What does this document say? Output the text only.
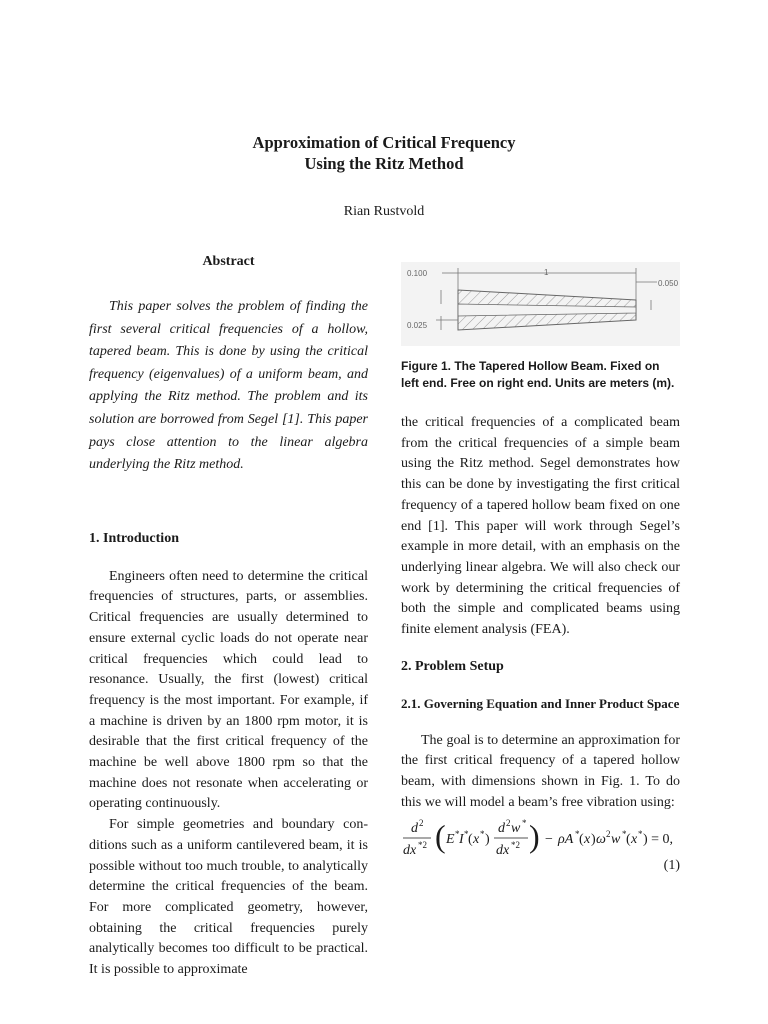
Approximation of Critical Frequency
Using the Ritz Method
Rian Rustvold

Abstract

This paper solves the problem of finding the first several critical frequencies of a hollow, tapered beam. This is done by using the critical frequency (eigenvalues) of a uniform beam, and applying the Ritz method. The problem and its solution are borrowed from Segel [1]. This paper pays close attention to the linear algebra underlying the Ritz method.

1. Introduction

Engineers often need to determine the critical frequencies of structures, parts, or assemblies. Critical frequencies are usually determined to ensure external cyclic loads do not operate near critical frequencies which could lead to resonance. Usually, the first (lowest) critical frequency is the most important. For example, if a machine is driven by an 1800 rpm motor, it is desirable that the first critical frequency of the machine be well above 1800 rpm so that the machine does not resonate when accelerating or operating continuously.

For simple geometries and boundary conditions such as a uniform cantilevered beam, it is possible without too much trouble, to analytically determine the critical frequencies of the beam. For more complicated geometry, however, obtaining the critical frequencies purely analytically becomes too difficult to be practical. It is possible to approximate

0.100	1
0.050
0.025

Figure 1. The Tapered Hollow Beam. Fixed on left end. Free on right end. Units are meters (m).

the critical frequencies of a complicated beam from the critical frequencies of a simple beam using the Ritz method. Segel demonstrates how this can be done by investigating the first critical frequency of a tapered hollow beam fixed on one end [1]. This paper will work through Segel’s example in more detail, with an emphasis on the underlying linear algebra. We will also check our work by determining the critical frequencies of both the simple and complicated beams using finite element analysis (FEA).

2. Problem Setup

2.1. Governing Equation and Inner Product Space

The goal is to determine an approximation for the first critical frequency of a tapered hollow beam, with dimensions shown in Fig. 1. To do this we will model a beam’s free vibration using:

d 2
dx *2 ( E * I * ( x * )
d 2 w *
dx *2 ) − ρA * ( x ) ω 2 w * ( x * ) = 0,
(1)
